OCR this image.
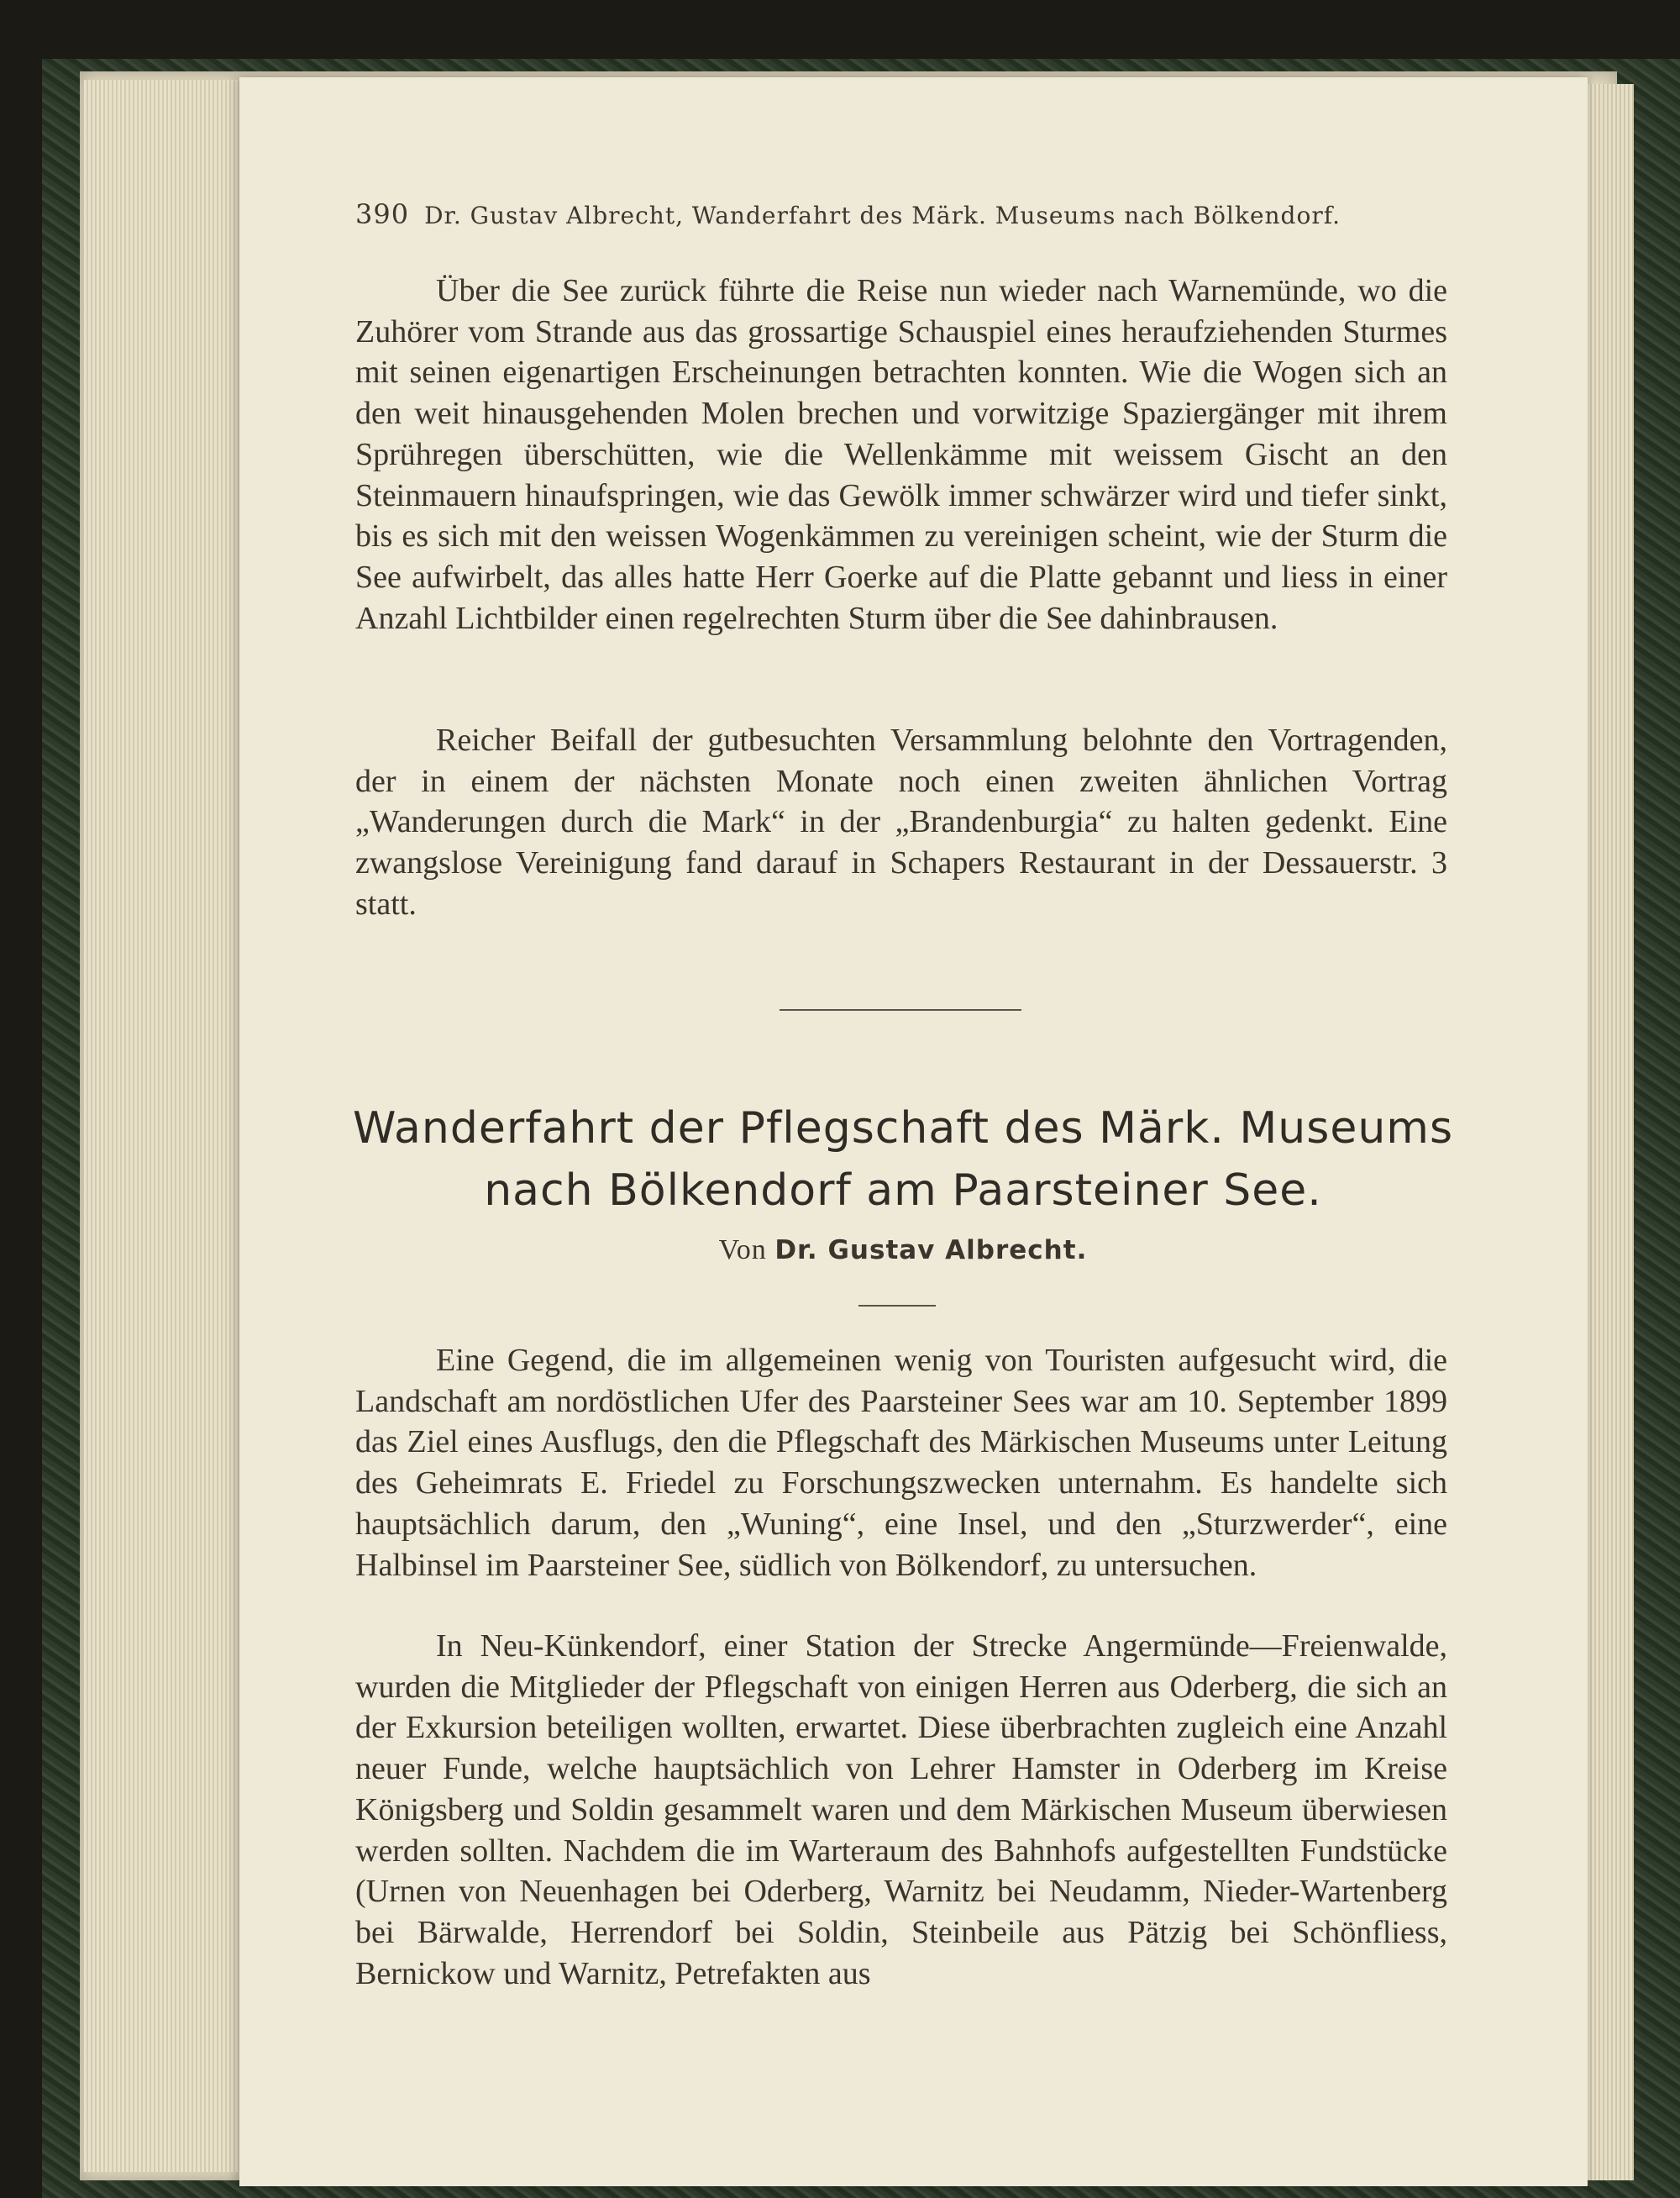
390 Dr. Gustav Albrecht, Wanderfahrt des Märk. Museums nach Bölkendorf.

Über die See zurück führte die Reise nun wieder nach Warnemünde, wo die Zuhörer vom Strande aus das grossartige Schauspiel eines heraufziehenden Sturmes mit seinen eigenartigen Erscheinungen betrachten konnten. Wie die Wogen sich an den weit hinausgehenden Molen brechen und vorwitzige Spaziergänger mit ihrem Sprühregen überschütten, wie die Wellenkämme mit weissem Gischt an den Steinmauern hinaufspringen, wie das Gewölk immer schwärzer wird und tiefer sinkt, bis es sich mit den weissen Wogenkämmen zu vereinigen scheint, wie der Sturm die See aufwirbelt, das alles hatte Herr Goerke auf die Platte gebannt und liess in einer Anzahl Lichtbilder einen regelrechten Sturm über die See dahinbrausen.

Reicher Beifall der gutbesuchten Versammlung belohnte den Vortragenden, der in einem der nächsten Monate noch einen zweiten ähnlichen Vortrag „Wanderungen durch die Mark“ in der „Brandenburgia“ zu halten gedenkt. Eine zwangslose Vereinigung fand darauf in Schapers Restaurant in der Dessauerstr. 3 statt.

Wanderfahrt der Pflegschaft des Märk. Museums
nach Bölkendorf am Paarsteiner See.
Von Dr. Gustav Albrecht.

Eine Gegend, die im allgemeinen wenig von Touristen aufgesucht wird, die Landschaft am nordöstlichen Ufer des Paarsteiner Sees war am 10. September 1899 das Ziel eines Ausflugs, den die Pflegschaft des Märkischen Museums unter Leitung des Geheimrats E. Friedel zu Forschungszwecken unternahm. Es handelte sich hauptsächlich darum, den „Wuning“, eine Insel, und den „Sturzwerder“, eine Halbinsel im Paarsteiner See, südlich von Bölkendorf, zu untersuchen.

In Neu-Künkendorf, einer Station der Strecke Angermünde—Freienwalde, wurden die Mitglieder der Pflegschaft von einigen Herren aus Oderberg, die sich an der Exkursion beteiligen wollten, erwartet. Diese überbrachten zugleich eine Anzahl neuer Funde, welche hauptsächlich von Lehrer Hamster in Oderberg im Kreise Königsberg und Soldin gesammelt waren und dem Märkischen Museum überwiesen werden sollten. Nachdem die im Warteraum des Bahnhofs aufgestellten Fundstücke (Urnen von Neuenhagen bei Oderberg, Warnitz bei Neudamm, Nieder-Wartenberg bei Bärwalde, Herrendorf bei Soldin, Steinbeile aus Pätzig bei Schönfliess, Bernickow und Warnitz, Petrefakten aus
